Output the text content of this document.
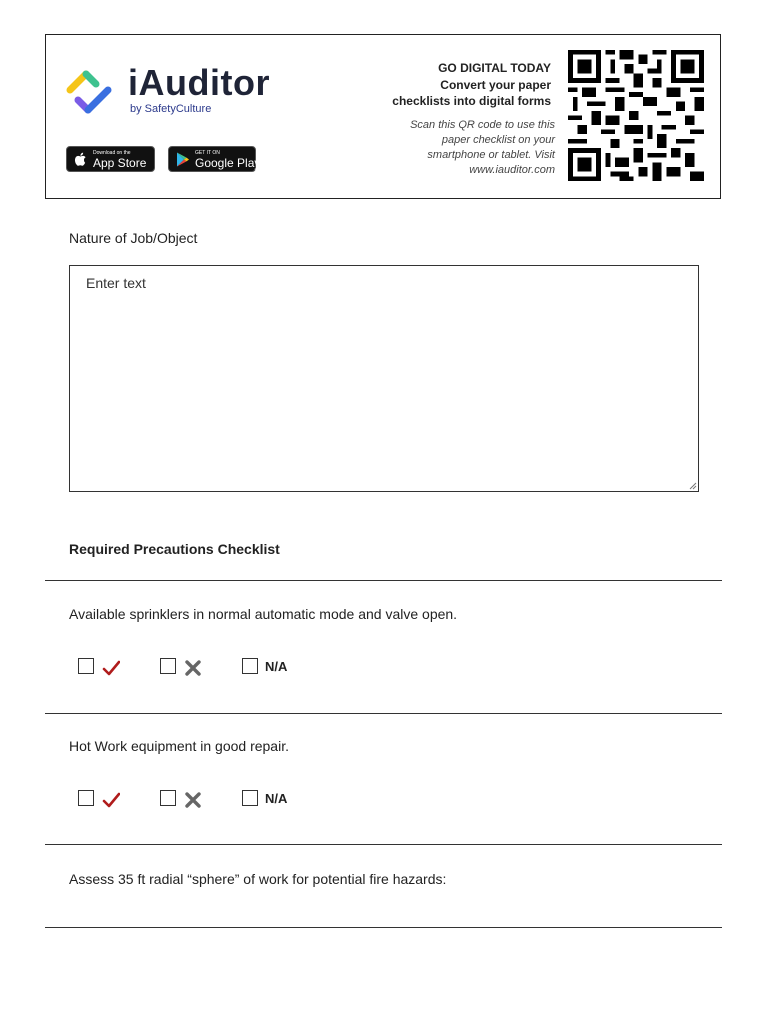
iAuditor
by SafetyCulture
Download on the
App Store
GET IT ON
Google Play
GO DIGITAL TODAY
Convert your paper
checklists into digital forms
Scan this QR code to use this
paper checklist on your
smartphone or tablet. Visit
www.iauditor.com
Nature of Job/Object
Enter text
Required Precautions Checklist
Available sprinklers in normal automatic mode and valve open.
N/A
Hot Work equipment in good repair.
N/A
Assess 35 ft radial “sphere” of work for potential fire hazards:
